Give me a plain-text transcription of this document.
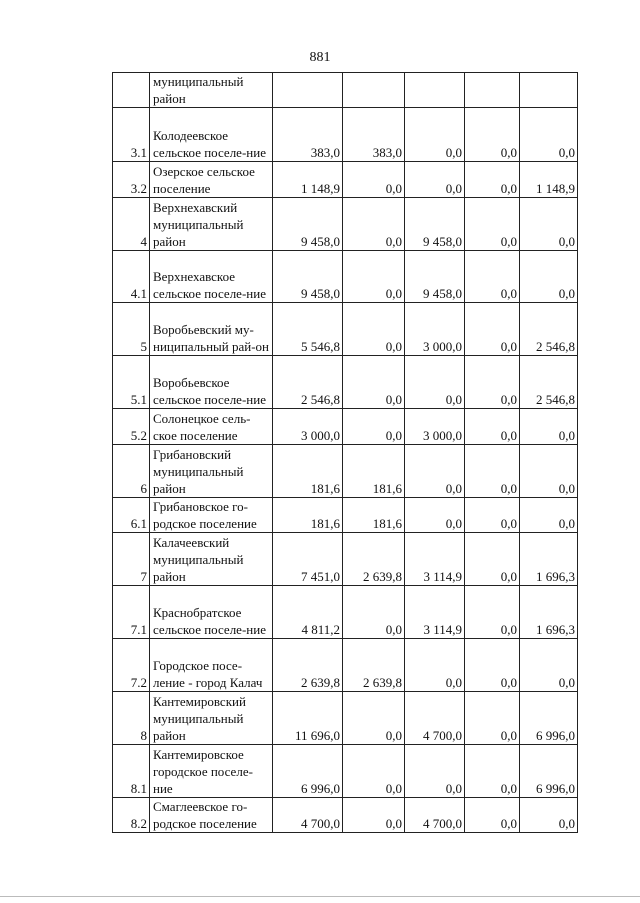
881
	муниципальный район					
3.1	Колодеевское сельское поселе-ние	383,0	383,0	0,0	0,0	0,0
3.2	Озерское сельское поселение	1 148,9	0,0	0,0	0,0	1 148,9
4	Верхнехавский муниципальный район	9 458,0	0,0	9 458,0	0,0	0,0
4.1	Верхнехавское сельское поселе-ние	9 458,0	0,0	9 458,0	0,0	0,0
5	Воробьевский му-ниципальный рай-он	5 546,8	0,0	3 000,0	0,0	2 546,8
5.1	Воробьевское сельское поселе-ние	2 546,8	0,0	0,0	0,0	2 546,8
5.2	Солонецкое сель-ское поселение	3 000,0	0,0	3 000,0	0,0	0,0
6	Грибановский муниципальный район	181,6	181,6	0,0	0,0	0,0
6.1	Грибановское го-родское поселение	181,6	181,6	0,0	0,0	0,0
7	Калачеевский муниципальный район	7 451,0	2 639,8	3 114,9	0,0	1 696,3
7.1	Краснобратское сельское поселе-ние	4 811,2	0,0	3 114,9	0,0	1 696,3
7.2	Городское посе-ление - город Калач	2 639,8	2 639,8	0,0	0,0	0,0
8	Кантемировский муниципальный район	11 696,0	0,0	4 700,0	0,0	6 996,0
8.1	Кантемировское городское поселе-ние	6 996,0	0,0	0,0	0,0	6 996,0
8.2	Смаглеевское го-родское поселение	4 700,0	0,0	4 700,0	0,0	0,0
